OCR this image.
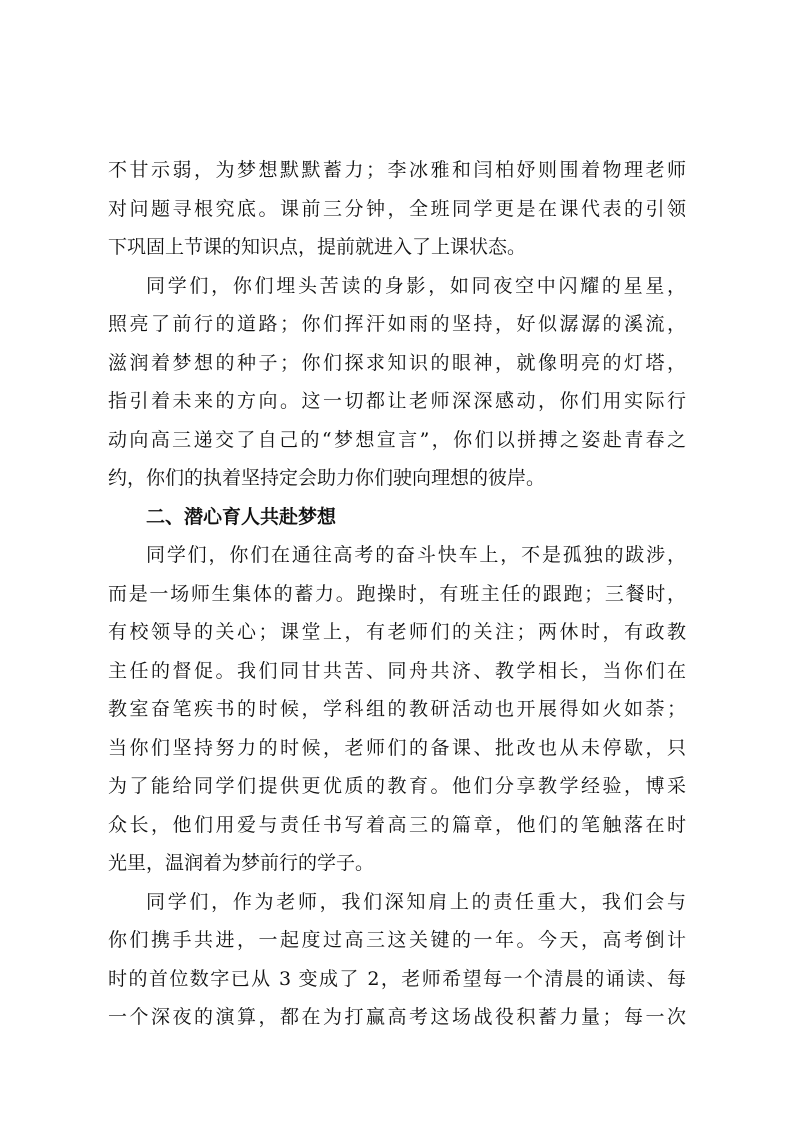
不甘示弱，为梦想默默蓄力；李冰雅和闫柏妤则围着物理老师
对问题寻根究底。课前三分钟，全班同学更是在课代表的引领
下巩固上节课的知识点，提前就进入了上课状态。
同学们，你们埋头苦读的身影，如同夜空中闪耀的星星，
照亮了前行的道路；你们挥汗如雨的坚持，好似潺潺的溪流，
滋润着梦想的种子；你们探求知识的眼神，就像明亮的灯塔，
指引着未来的方向。这一切都让老师深深感动，你们用实际行
动向高三递交了自己的“梦想宣言”，你们以拼搏之姿赴青春之
约，你们的执着坚持定会助力你们驶向理想的彼岸。
二、潜心育人共赴梦想
同学们，你们在通往高考的奋斗快车上，不是孤独的跋涉，
而是一场师生集体的蓄力。跑操时，有班主任的跟跑；三餐时，
有校领导的关心；课堂上，有老师们的关注；两休时，有政教
主任的督促。我们同甘共苦、同舟共济、教学相长，当你们在
教室奋笔疾书的时候，学科组的教研活动也开展得如火如荼；
当你们坚持努力的时候，老师们的备课、批改也从未停歇，只
为了能给同学们提供更优质的教育。他们分享教学经验，博采
众长，他们用爱与责任书写着高三的篇章，他们的笔触落在时
光里，温润着为梦前行的学子。
同学们，作为老师，我们深知肩上的责任重大，我们会与
你们携手共进，一起度过高三这关键的一年。今天，高考倒计
时的首位数字已从 3 变成了 2，老师希望每一个清晨的诵读、每
一个深夜的演算，都在为打赢高考这场战役积蓄力量；每一次
